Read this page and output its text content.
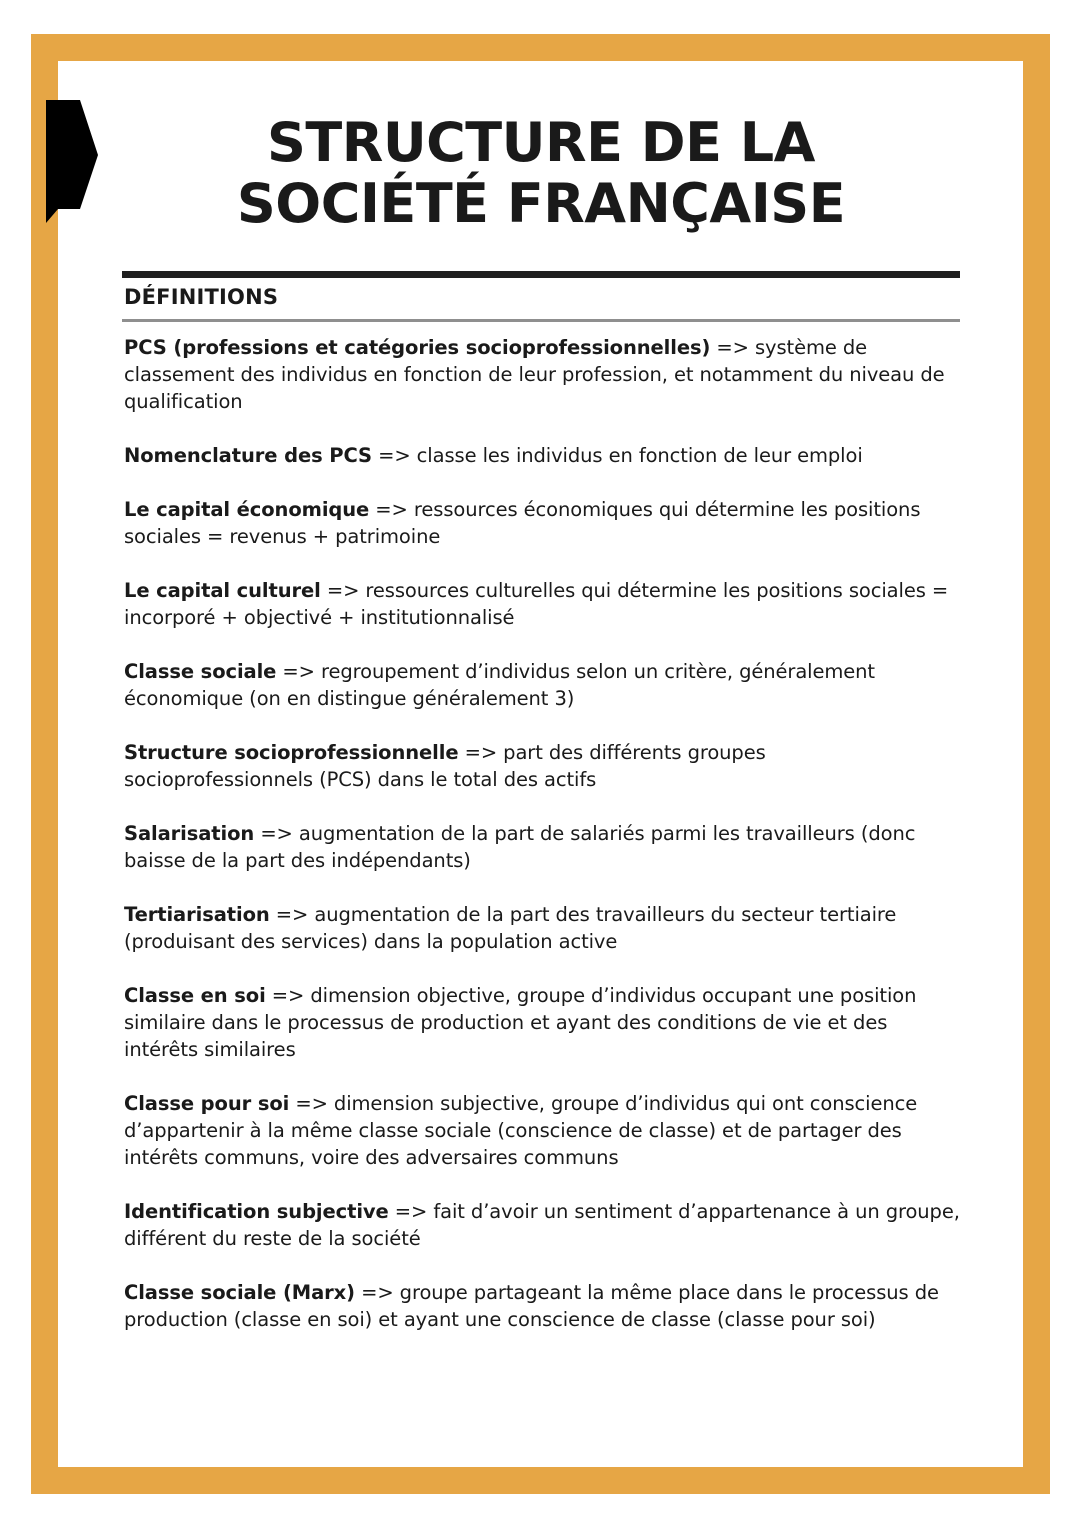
STRUCTURE DE LA
SOCIÉTÉ FRANÇAISE
DÉFINITIONS

PCS (professions et catégories socioprofessionnelles) => système de classement des individus en fonction de leur profession, et notamment du niveau de qualification

Nomenclature des PCS => classe les individus en fonction de leur emploi

Le capital économique => ressources économiques qui détermine les positions sociales = revenus + patrimoine

Le capital culturel => ressources culturelles qui détermine les positions sociales = incorporé + objectivé + institutionnalisé

Classe sociale => regroupement d’individus selon un critère, généralement économique (on en distingue généralement 3)

Structure socioprofessionnelle => part des différents groupes socioprofessionnels (PCS) dans le total des actifs

Salarisation => augmentation de la part de salariés parmi les travailleurs (donc baisse de la part des indépendants)

Tertiarisation => augmentation de la part des travailleurs du secteur tertiaire (produisant des services) dans la population active

Classe en soi => dimension objective, groupe d’individus occupant une position similaire dans le processus de production et ayant des conditions de vie et des intérêts similaires

Classe pour soi => dimension subjective, groupe d’individus qui ont conscience d’appartenir à la même classe sociale (conscience de classe) et de partager des intérêts communs, voire des adversaires communs

Identification subjective => fait d’avoir un sentiment d’appartenance à un groupe, différent du reste de la société

Classe sociale (Marx) => groupe partageant la même place dans le processus de production (classe en soi) et ayant une conscience de classe (classe pour soi)
